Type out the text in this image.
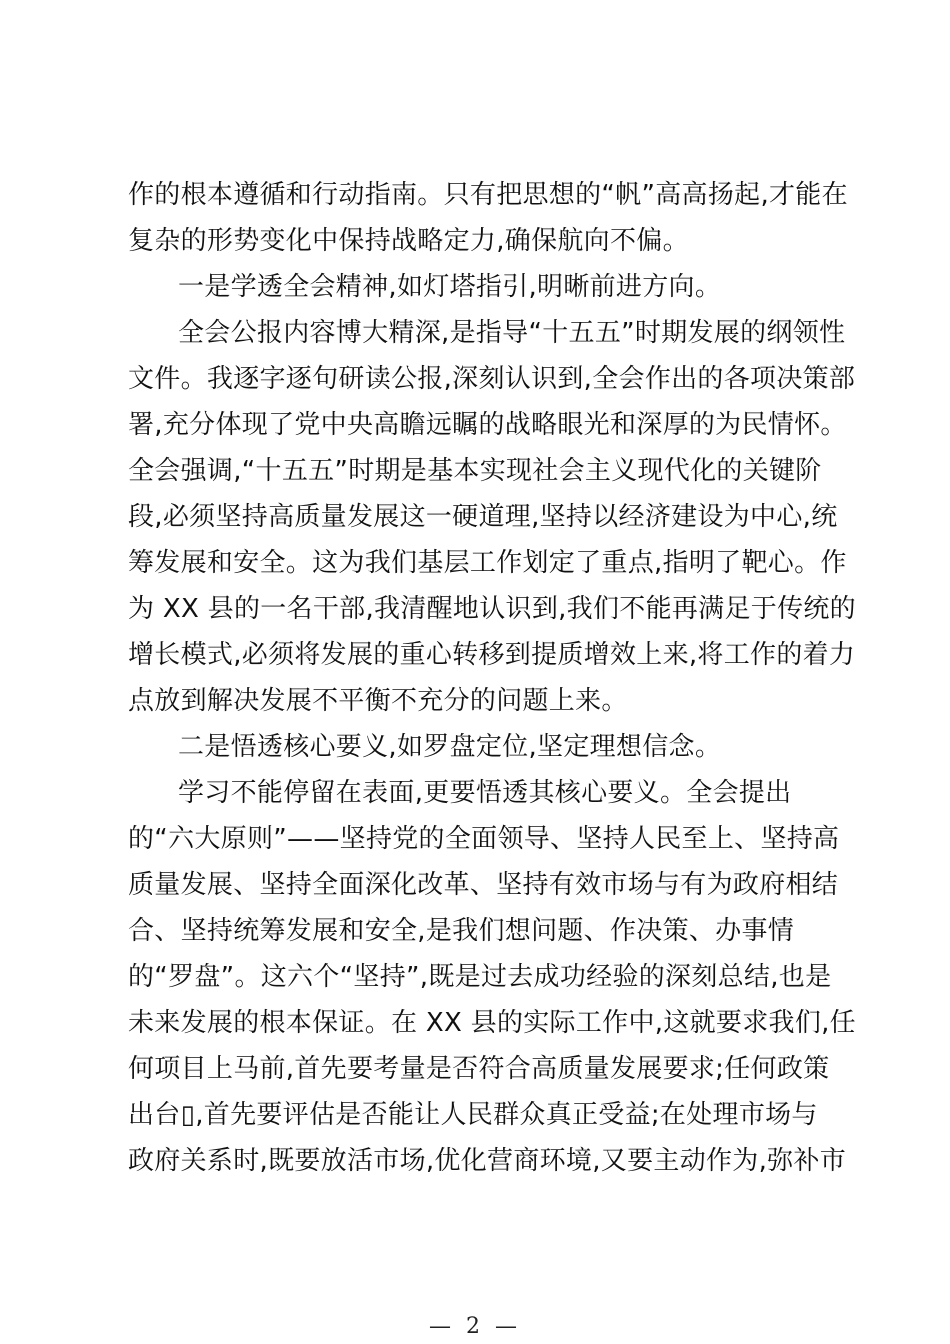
作的根本遵循和行动指南。只有把思想的“帆”高高扬起,才能在
复杂的形势变化中保持战略定力,确保航向不偏。
一是学透全会精神,如灯塔指引,明晰前进方向。
全会公报内容博大精深,是指导“十五五”时期发展的纲领性
文件。我逐字逐句研读公报,深刻认识到,全会作出的各项决策部
署,充分体现了党中央高瞻远瞩的战略眼光和深厚的为民情怀。
全会强调,“十五五”时期是基本实现社会主义现代化的关键阶
段,必须坚持高质量发展这一硬道理,坚持以经济建设为中心,统
筹发展和安全。这为我们基层工作划定了重点,指明了靶心。作
为 XX 县的一名干部,我清醒地认识到,我们不能再满足于传统的
增长模式,必须将发展的重心转移到提质增效上来,将工作的着力
点放到解决发展不平衡不充分的问题上来。
二是悟透核心要义,如罗盘定位,坚定理想信念。
学习不能停留在表面,更要悟透其核心要义。全会提出
的“六大原则”——坚持党的全面领导、坚持人民至上、坚持高
质量发展、坚持全面深化改革、坚持有效市场与有为政府相结
合、坚持统筹发展和安全,是我们想问题、作决策、办事情
的“罗盘”。这六个“坚持”,既是过去成功经验的深刻总结,也是
未来发展的根本保证。在 XX 县的实际工作中,这就要求我们,任
何项目上马前,首先要考量是否符合高质量发展要求;任何政策
出台▯,首先要评估是否能让人民群众真正受益;在处理市场与
政府关系时,既要放活市场,优化营商环境,又要主动作为,弥补市
— 2 —
